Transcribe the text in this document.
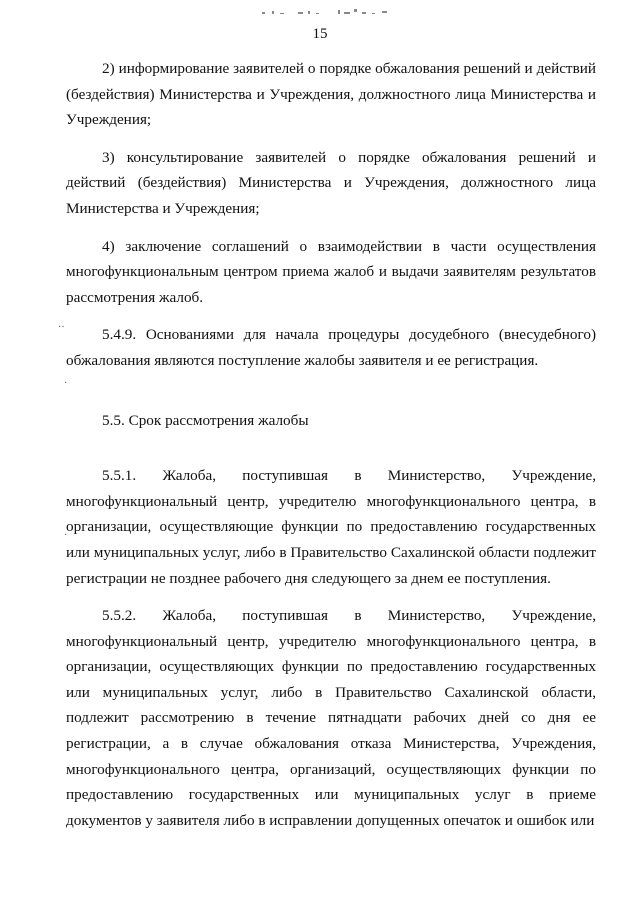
15

2) информирование заявителей о порядке обжалования решений и действий (бездействия) Министерства и Учреждения, должностного лица Министерства и Учреждения;

3) консультирование заявителей о порядке обжалования решений и действий (бездействия) Министерства и Учреждения, должностного лица Министерства и Учреждения;

4) заключение соглашений о взаимодействии в части осуществления многофункциональным центром приема жалоб и выдачи заявителям результатов рассмотрения жалоб.

5.4.9. Основаниями для начала процедуры досудебного (внесудебного) обжалования являются поступление жалобы заявителя и ее регистрация.

5.5. Срок рассмотрения жалобы

5.5.1. Жалоба, поступившая в Министерство, Учреждение, многофункциональный центр, учредителю многофункционального центра, в организации, осуществляющие функции по предоставлению государственных или муниципальных услуг, либо в Правительство Сахалинской области подлежит регистрации не позднее рабочего дня следующего за днем ее поступления.

5.5.2. Жалоба, поступившая в Министерство, Учреждение, многофункциональный центр, учредителю многофункционального центра, в организации, осуществляющих функции по предоставлению государственных или муниципальных услуг, либо в Правительство Сахалинской области, подлежит рассмотрению в течение пятнадцати рабочих дней со дня ее регистрации, а в случае обжалования отказа Министерства, Учреждения, многофункционального центра, организаций, осуществляющих функции по предоставлению государственных или муниципальных услуг в приеме документов у заявителя либо в исправлении допущенных опечаток и ошибок или

··
·
·
